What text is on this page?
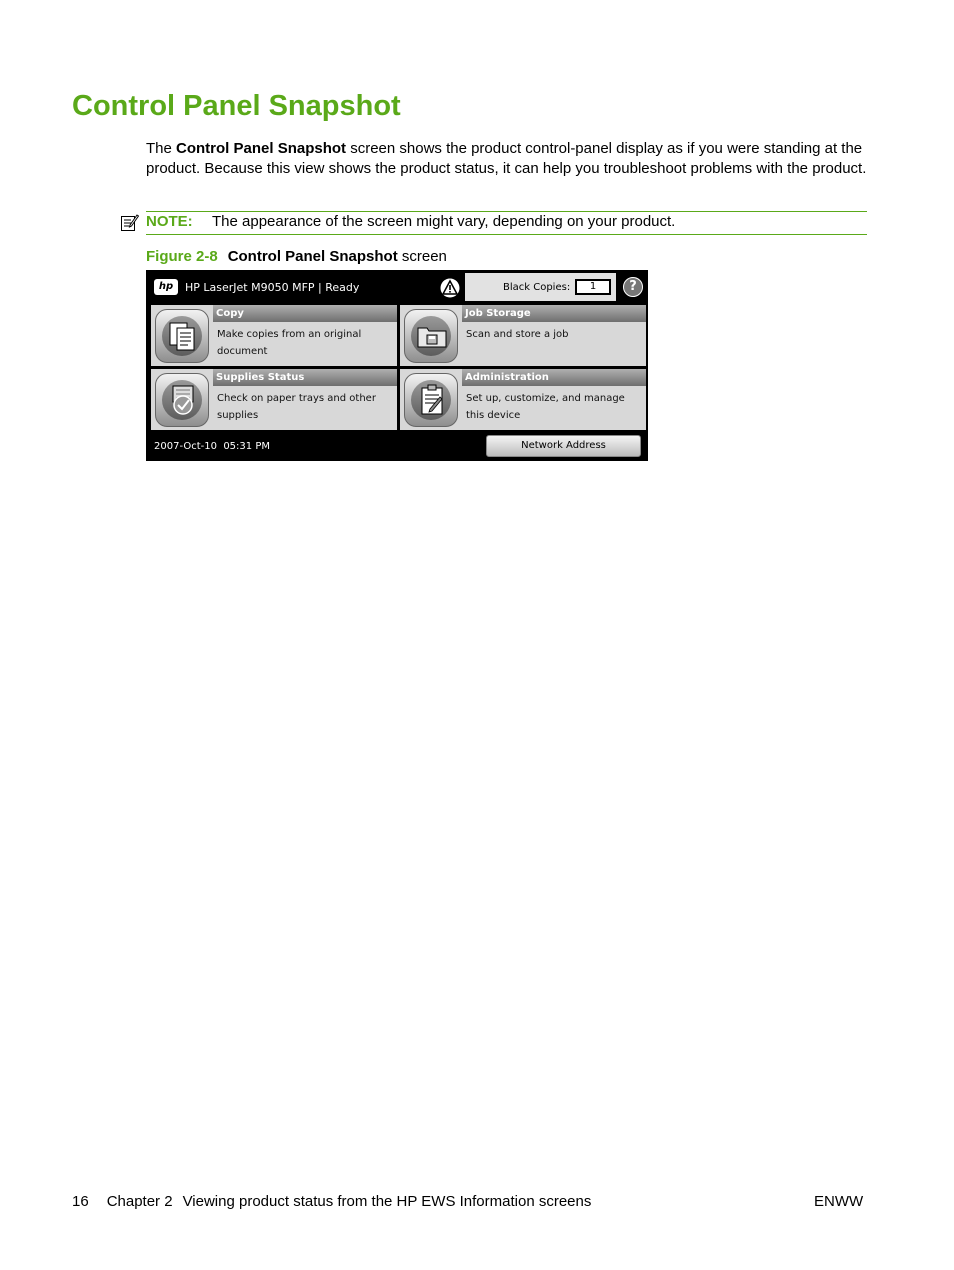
Control Panel Snapshot

The Control Panel Snapshot screen shows the product control-panel display as if you were standing at the product. Because this view shows the product status, it can help you troubleshoot problems with the product.

NOTE: The appearance of the screen might vary, depending on your product.
Figure 2-8 Control Panel Snapshot screen
hp	HP LaserJet M9050 MFP | Ready	Black Copies:	1	?
Copy
Make copies from an original document
Job Storage
Scan and store a job
Supplies Status
Check on paper trays and other supplies
Administration
Set up, customize, and manage this device
2007-Oct-10  05:31 PM	Network Address
16 Chapter 2 Viewing product status from the HP EWS Information screens	ENWW
